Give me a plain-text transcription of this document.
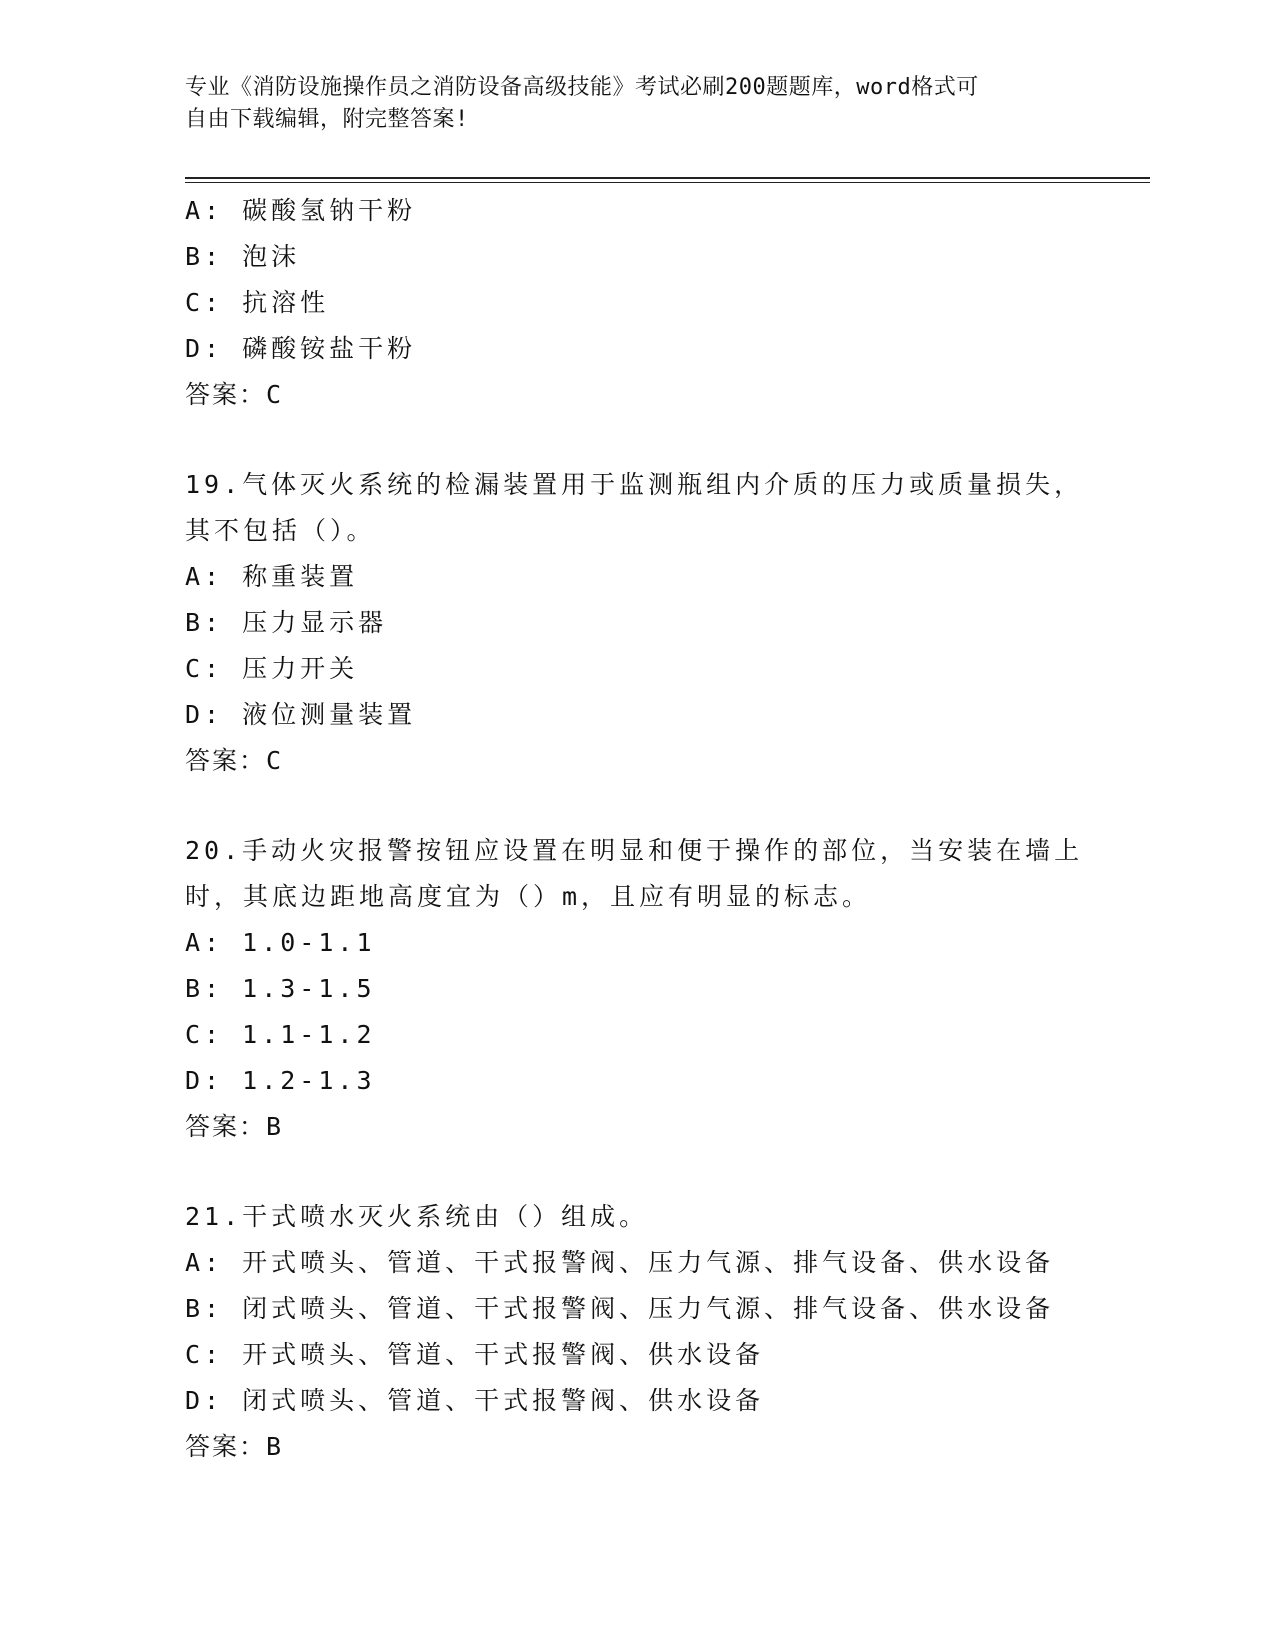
专业《消防设施操作员之消防设备高级技能》考试必刷200题题库，word格式可
自由下载编辑，附完整答案!
A: 碳酸氢钠干粉
B: 泡沫
C: 抗溶性
D: 磷酸铵盐干粉
答案：C
19.气体灭火系统的检漏装置用于监测瓶组内介质的压力或质量损失，
其不包括（）。
A: 称重装置
B: 压力显示器
C: 压力开关
D: 液位测量装置
答案：C
20.手动火灾报警按钮应设置在明显和便于操作的部位，当安装在墙上
时，其底边距地高度宜为（）m，且应有明显的标志。
A: 1.0-1.1
B: 1.3-1.5
C: 1.1-1.2
D: 1.2-1.3
答案：B
21.干式喷水灭火系统由（）组成。
A: 开式喷头、管道、干式报警阀、压力气源、排气设备、供水设备
B: 闭式喷头、管道、干式报警阀、压力气源、排气设备、供水设备
C: 开式喷头、管道、干式报警阀、供水设备
D: 闭式喷头、管道、干式报警阀、供水设备
答案：B
